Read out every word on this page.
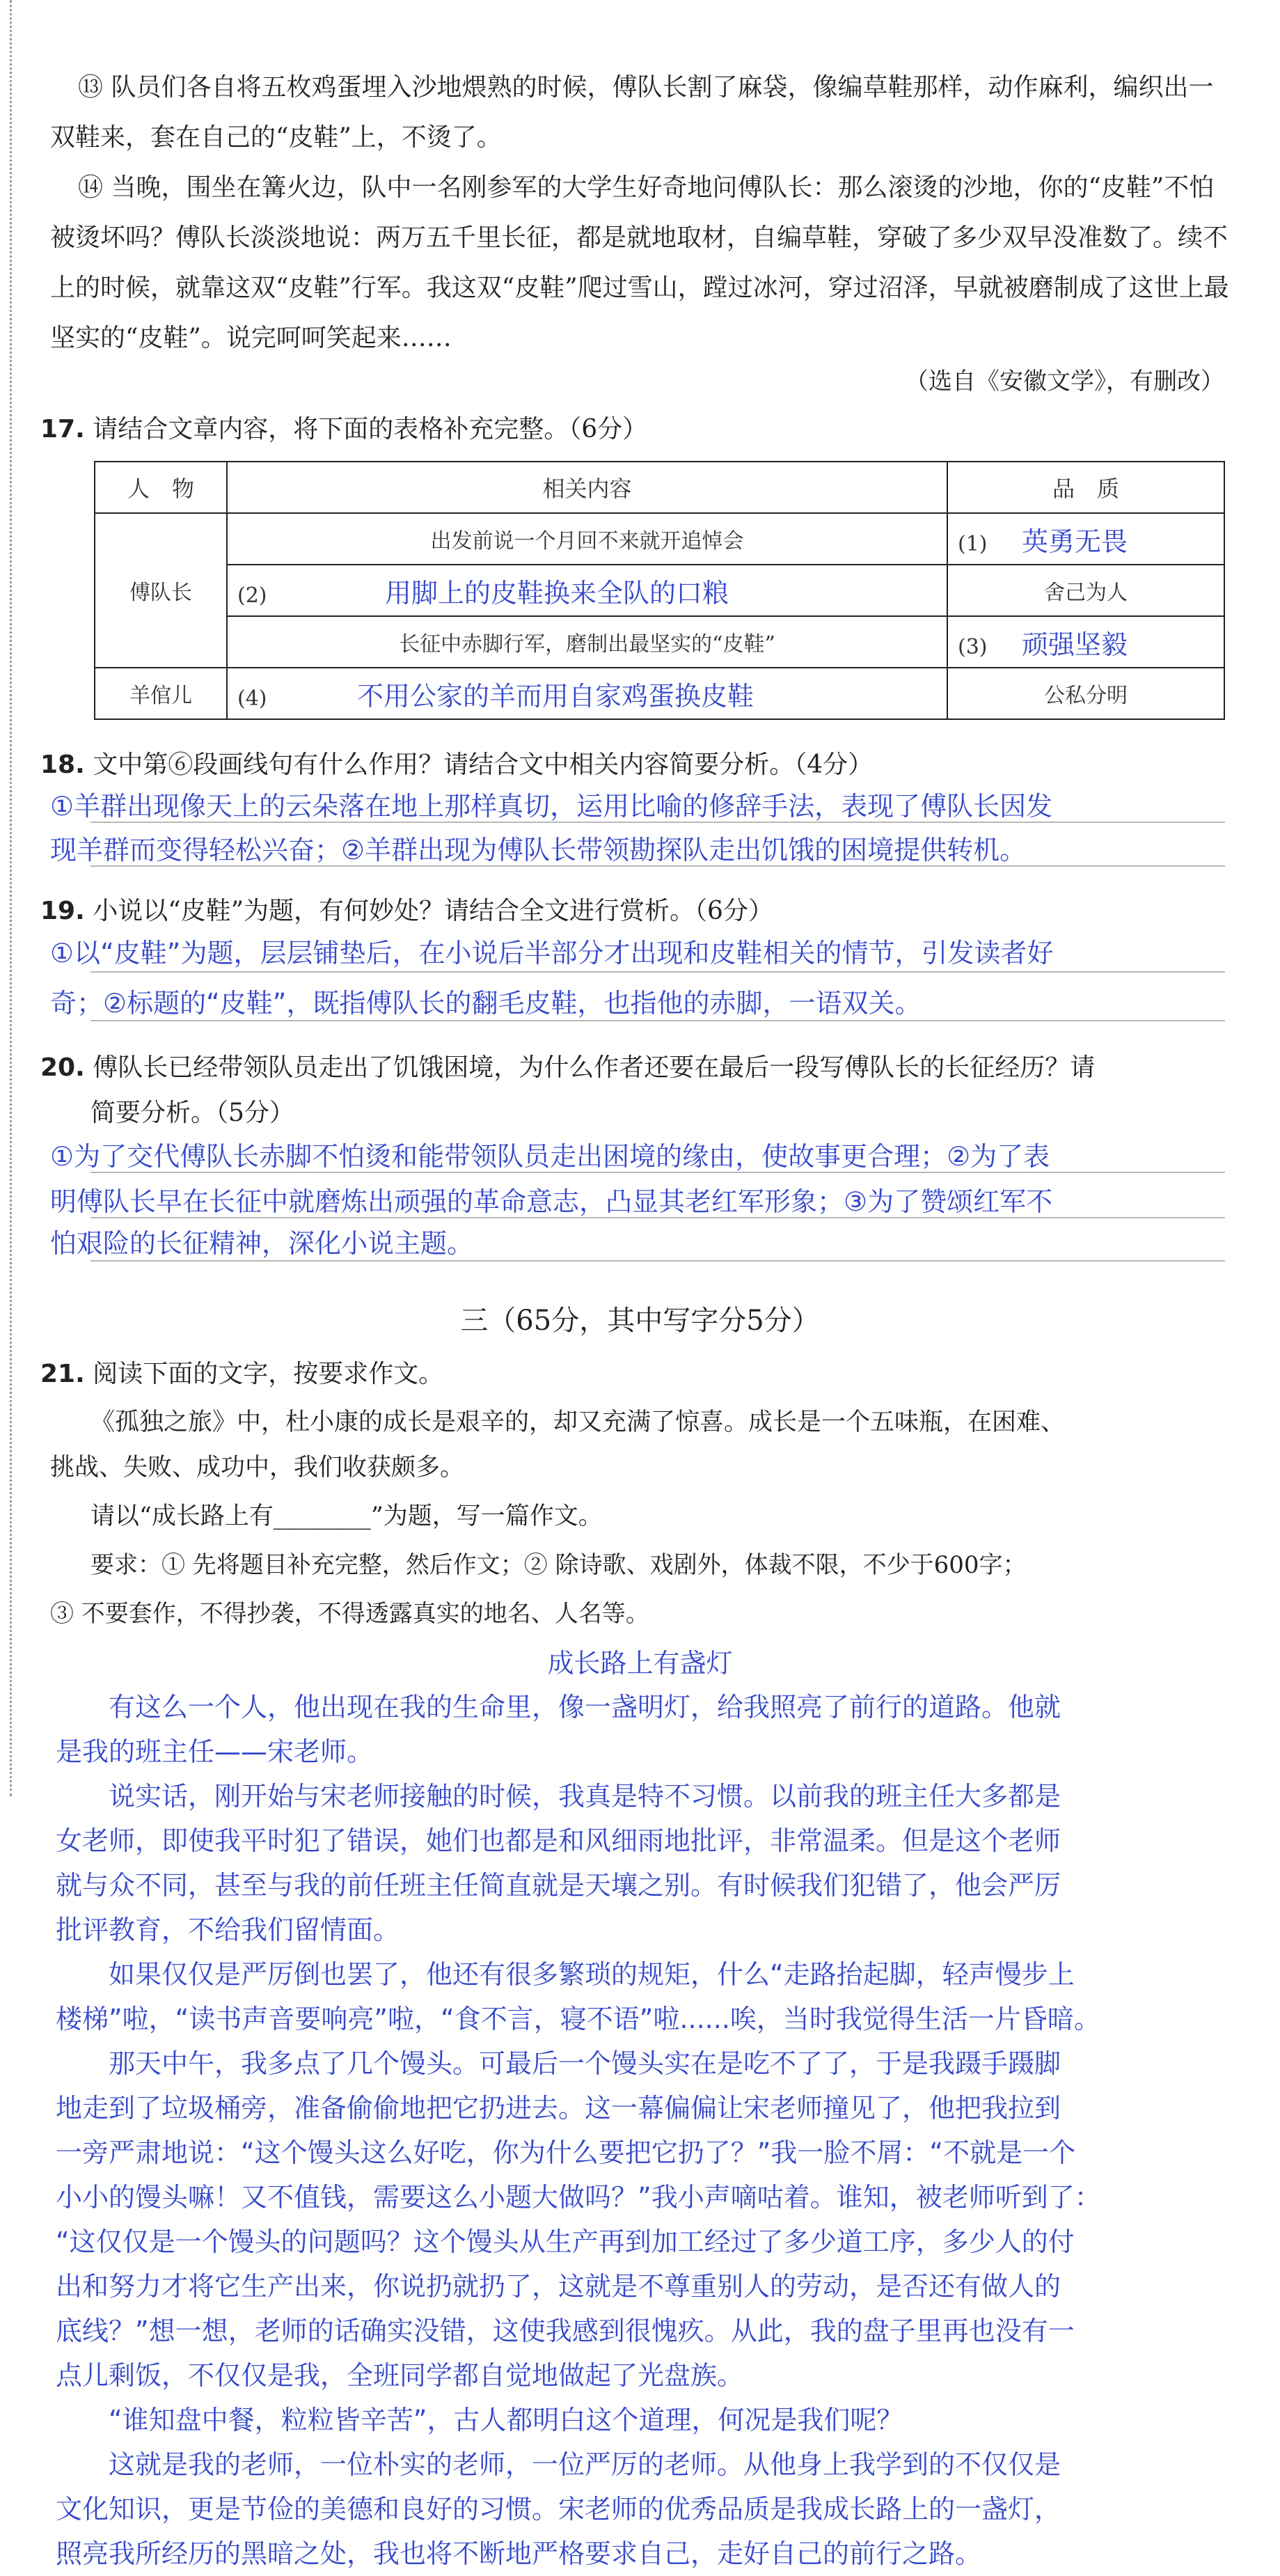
⑬ 队员们各自将五枚鸡蛋埋入沙地煨熟的时候，傅队长割了麻袋，像编草鞋那样，动作麻利，编织出一双鞋来，套在自己的“皮鞋”上，不烫了。

⑭ 当晚，围坐在篝火边，队中一名刚参军的大学生好奇地问傅队长：那么滚烫的沙地，你的“皮鞋”不怕被烫坏吗？傅队长淡淡地说：两万五千里长征，都是就地取材，自编草鞋，穿破了多少双早没准数了。续不上的时候，就靠这双“皮鞋”行军。我这双“皮鞋”爬过雪山，蹚过冰河，穿过沼泽，早就被磨制成了这世上最坚实的“皮鞋”。说完呵呵笑起来……

（选自《安徽文学》，有删改）
17. 请结合文章内容，将下面的表格补充完整。（6分）
人　物	相关内容	品　质
傅队长	出发前说一个月回不来就开追悼会	(1) 英勇无畏
	(2) 用脚上的皮鞋换来全队的口粮	舍己为人
	长征中赤脚行军，磨制出最坚实的“皮鞋”	(3) 顽强坚毅
羊倌儿	(4) 不用公家的羊而用自家鸡蛋换皮鞋	公私分明
18. 文中第⑥段画线句有什么作用？请结合文中相关内容简要分析。（4分）
①羊群出现像天上的云朵落在地上那样真切，运用比喻的修辞手法，表现了傅队长因发
现羊群而变得轻松兴奋；②羊群出现为傅队长带领勘探队走出饥饿的困境提供转机。
19. 小说以“皮鞋”为题，有何妙处？请结合全文进行赏析。（6分）
①以“皮鞋”为题，层层铺垫后，在小说后半部分才出现和皮鞋相关的情节，引发读者好
奇；②标题的“皮鞋”，既指傅队长的翻毛皮鞋，也指他的赤脚，一语双关。
20. 傅队长已经带领队员走出了饥饿困境，为什么作者还要在最后一段写傅队长的长征经历？请
简要分析。（5分）
①为了交代傅队长赤脚不怕烫和能带领队员走出困境的缘由，使故事更合理；②为了表
明傅队长早在长征中就磨炼出顽强的革命意志，凸显其老红军形象；③为了赞颂红军不
怕艰险的长征精神，深化小说主题。
三（65分，其中写字分5分）
21. 阅读下面的文字，按要求作文。
《孤独之旅》中，杜小康的成长是艰辛的，却又充满了惊喜。成长是一个五味瓶，在困难、
挑战、失败、成功中，我们收获颇多。
请以“成长路上有________”为题，写一篇作文。
要求：① 先将题目补充完整，然后作文；② 除诗歌、戏剧外，体裁不限，不少于600字；
③ 不要套作，不得抄袭，不得透露真实的地名、人名等。
成长路上有盏灯
　　有这么一个人，他出现在我的生命里，像一盏明灯，给我照亮了前行的道路。他就
是我的班主任——宋老师。
　　说实话，刚开始与宋老师接触的时候，我真是特不习惯。以前我的班主任大多都是
女老师，即使我平时犯了错误，她们也都是和风细雨地批评，非常温柔。但是这个老师
就与众不同，甚至与我的前任班主任简直就是天壤之别。有时候我们犯错了，他会严厉
批评教育，不给我们留情面。
　　如果仅仅是严厉倒也罢了，他还有很多繁琐的规矩，什么“走路抬起脚，轻声慢步上
楼梯”啦，“读书声音要响亮”啦，“食不言，寝不语”啦......唉，当时我觉得生活一片昏暗。
　　那天中午，我多点了几个馒头。可最后一个馒头实在是吃不了了，于是我蹑手蹑脚
地走到了垃圾桶旁，准备偷偷地把它扔进去。这一幕偏偏让宋老师撞见了，他把我拉到
一旁严肃地说：“这个馒头这么好吃，你为什么要把它扔了？”我一脸不屑：“不就是一个
小小的馒头嘛！又不值钱，需要这么小题大做吗？”我小声嘀咕着。谁知，被老师听到了：
“这仅仅是一个馒头的问题吗？这个馒头从生产再到加工经过了多少道工序，多少人的付
出和努力才将它生产出来，你说扔就扔了，这就是不尊重别人的劳动，是否还有做人的
底线？”想一想，老师的话确实没错，这使我感到很愧疚。从此，我的盘子里再也没有一
点儿剩饭，不仅仅是我，全班同学都自觉地做起了光盘族。
　　“谁知盘中餐，粒粒皆辛苦”，古人都明白这个道理，何况是我们呢？
　　这就是我的老师，一位朴实的老师，一位严厉的老师。从他身上我学到的不仅仅是
文化知识，更是节俭的美德和良好的习惯。宋老师的优秀品质是我成长路上的一盏灯，
照亮我所经历的黑暗之处，我也将不断地严格要求自己，走好自己的前行之路。
